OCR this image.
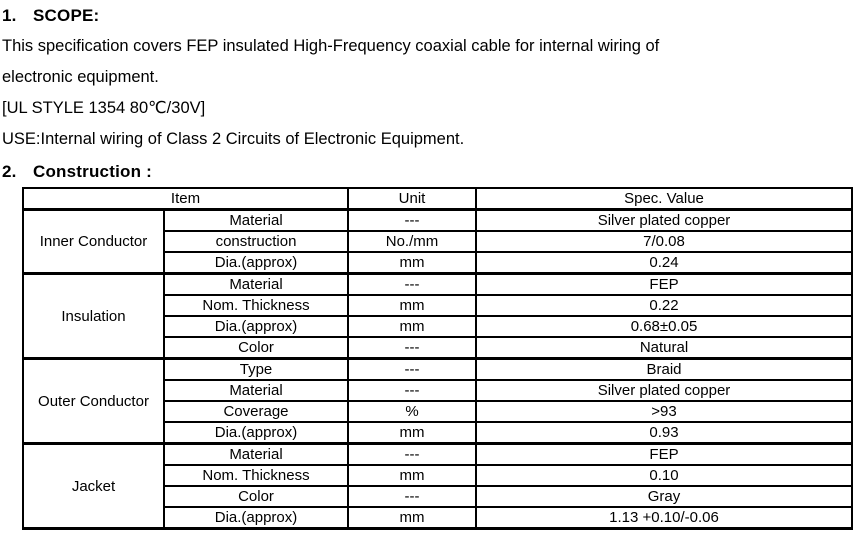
1. SCOPE:
This specification covers FEP insulated High-Frequency coaxial cable for internal wiring of
electronic equipment.
[UL STYLE 1354 80℃/30V]
USE:Internal wiring of Class 2 Circuits of Electronic Equipment.
2. Construction :
Item		Unit	Spec. Value
Inner Conductor	Material	---	Silver plated copper
	construction	No./mm	7/0.08
	Dia.(approx)	mm	0.24
Insulation	Material	---	FEP
	Nom. Thickness	mm	0.22
	Dia.(approx)	mm	0.68±0.05
	Color	---	Natural
Outer Conductor	Type	---	Braid
	Material	---	Silver plated copper
	Coverage	%	>93
	Dia.(approx)	mm	0.93
Jacket	Material	---	FEP
	Nom. Thickness	mm	0.10
	Color	---	Gray
	Dia.(approx)	mm	1.13 +0.10/-0.06
